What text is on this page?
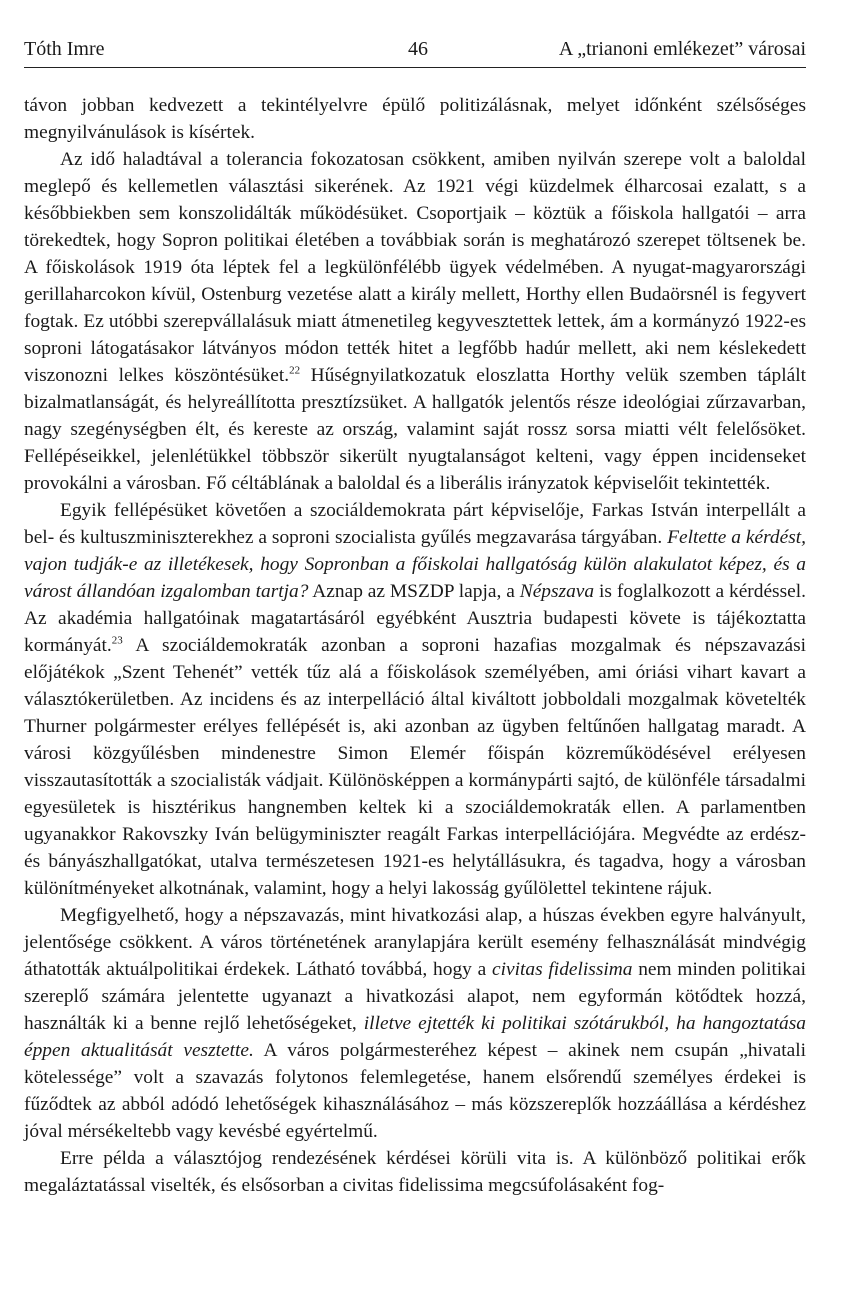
Tóth Imre	46	A „trianoni emlékezet” városai

távon jobban kedvezett a tekintélyelvre épülő politizálásnak, melyet időnként szélsőséges megnyilvánulások is kísértek.

Az idő haladtával a tolerancia fokozatosan csökkent, amiben nyilván szerepe volt a baloldal meglepő és kellemetlen választási sikerének. Az 1921 végi küzdelmek élharcosai ezalatt, s a későbbiekben sem konszolidálták működésüket. Csoportjaik – köztük a főiskola hallgatói – arra törekedtek, hogy Sopron politikai életében a továbbiak során is meghatározó szerepet töltsenek be. A főiskolások 1919 óta léptek fel a legkülönfélébb ügyek védelmében. A nyugat-magyarországi gerillaharcokon kívül, Ostenburg vezetése alatt a király mellett, Horthy ellen Budaörsnél is fegyvert fogtak. Ez utóbbi szerepvállalásuk miatt átmenetileg kegyvesztettek lettek, ám a kormányzó 1922-es soproni látogatásakor látványos módon tették hitet a legfőbb hadúr mellett, aki nem késlekedett viszonozni lelkes köszöntésüket.$^{22}$ Hűségnyilatkozatuk eloszlatta Horthy velük szemben táplált bizalmatlanságát, és helyreállította presztízsüket. A hallgatók jelentős része ideológiai zűrzavarban, nagy szegénységben élt, és kereste az ország, valamint saját rossz sorsa miatti vélt felelősöket. Fellépéseikkel, jelenlétükkel többször sikerült nyugtalanságot kelteni, vagy éppen incidenseket provokálni a városban. Fő céltáblának a baloldal és a liberális irányzatok képviselőit tekintették.

Egyik fellépésüket követően a szociáldemokrata párt képviselője, Farkas István interpellált a bel- és kultuszminiszterekhez a soproni szocialista gyűlés megzavarása tárgyában. Feltette a kérdést, vajon tudják-e az illetékesek, hogy Sopronban a főiskolai hallgatóság külön alakulatot képez, és a várost állandóan izgalomban tartja? Aznap az MSZDP lapja, a Népszava is foglalkozott a kérdéssel. Az akadémia hallgatóinak magatartásáról egyébként Ausztria budapesti követe is tájékoztatta kormányát.$^{23}$ A szociáldemokraták azonban a soproni hazafias mozgalmak és népszavazási előjátékok „Szent Tehenét” vették tűz alá a főiskolások személyében, ami óriási vihart kavart a választókerületben. Az incidens és az interpelláció által kiváltott jobboldali mozgalmak követelték Thurner polgármester erélyes fellépését is, aki azonban az ügyben feltűnően hallgatag maradt. A városi közgyűlésben mindenestre Simon Elemér főispán közreműködésével erélyesen visszautasították a szocialisták vádjait. Különösképpen a kormánypárti sajtó, de különféle társadalmi egyesületek is hisztérikus hangnemben keltek ki a szociáldemokraták ellen. A parlamentben ugyanakkor Rakovszky Iván belügyminiszter reagált Farkas interpellációjára. Megvédte az erdész-és bányászhallgatókat, utalva természetesen 1921-es helytállásukra, és tagadva, hogy a városban különítményeket alkotnának, valamint, hogy a helyi lakosság gyűlölettel tekintene rájuk.

Megfigyelhető, hogy a népszavazás, mint hivatkozási alap, a húszas években egyre halványult, jelentősége csökkent. A város történetének aranylapjára került esemény felhasználását mindvégig áthatották aktuálpolitikai érdekek. Látható továbbá, hogy a civitas fidelissima nem minden politikai szereplő számára jelentette ugyanazt a hivatkozási alapot, nem egyformán kötődtek hozzá, használták ki a benne rejlő lehetőségeket, illetve ejtették ki politikai szótárukból, ha hangoztatása éppen aktualitását vesztette. A város polgármesteréhez képest – akinek nem csupán „hivatali kötelessége” volt a szavazás folytonos felemlegetése, hanem elsőrendű személyes érdekei is fűződtek az abból adódó lehetőségek kihasználásához – más közszereplők hozzáállása a kérdéshez jóval mérsékeltebb vagy kevésbé egyértelmű.

Erre példa a választójog rendezésének kérdései körüli vita is. A különböző politikai erők megaláztatással viselték, és elsősorban a civitas fidelissima megcsúfolásaként fog-
